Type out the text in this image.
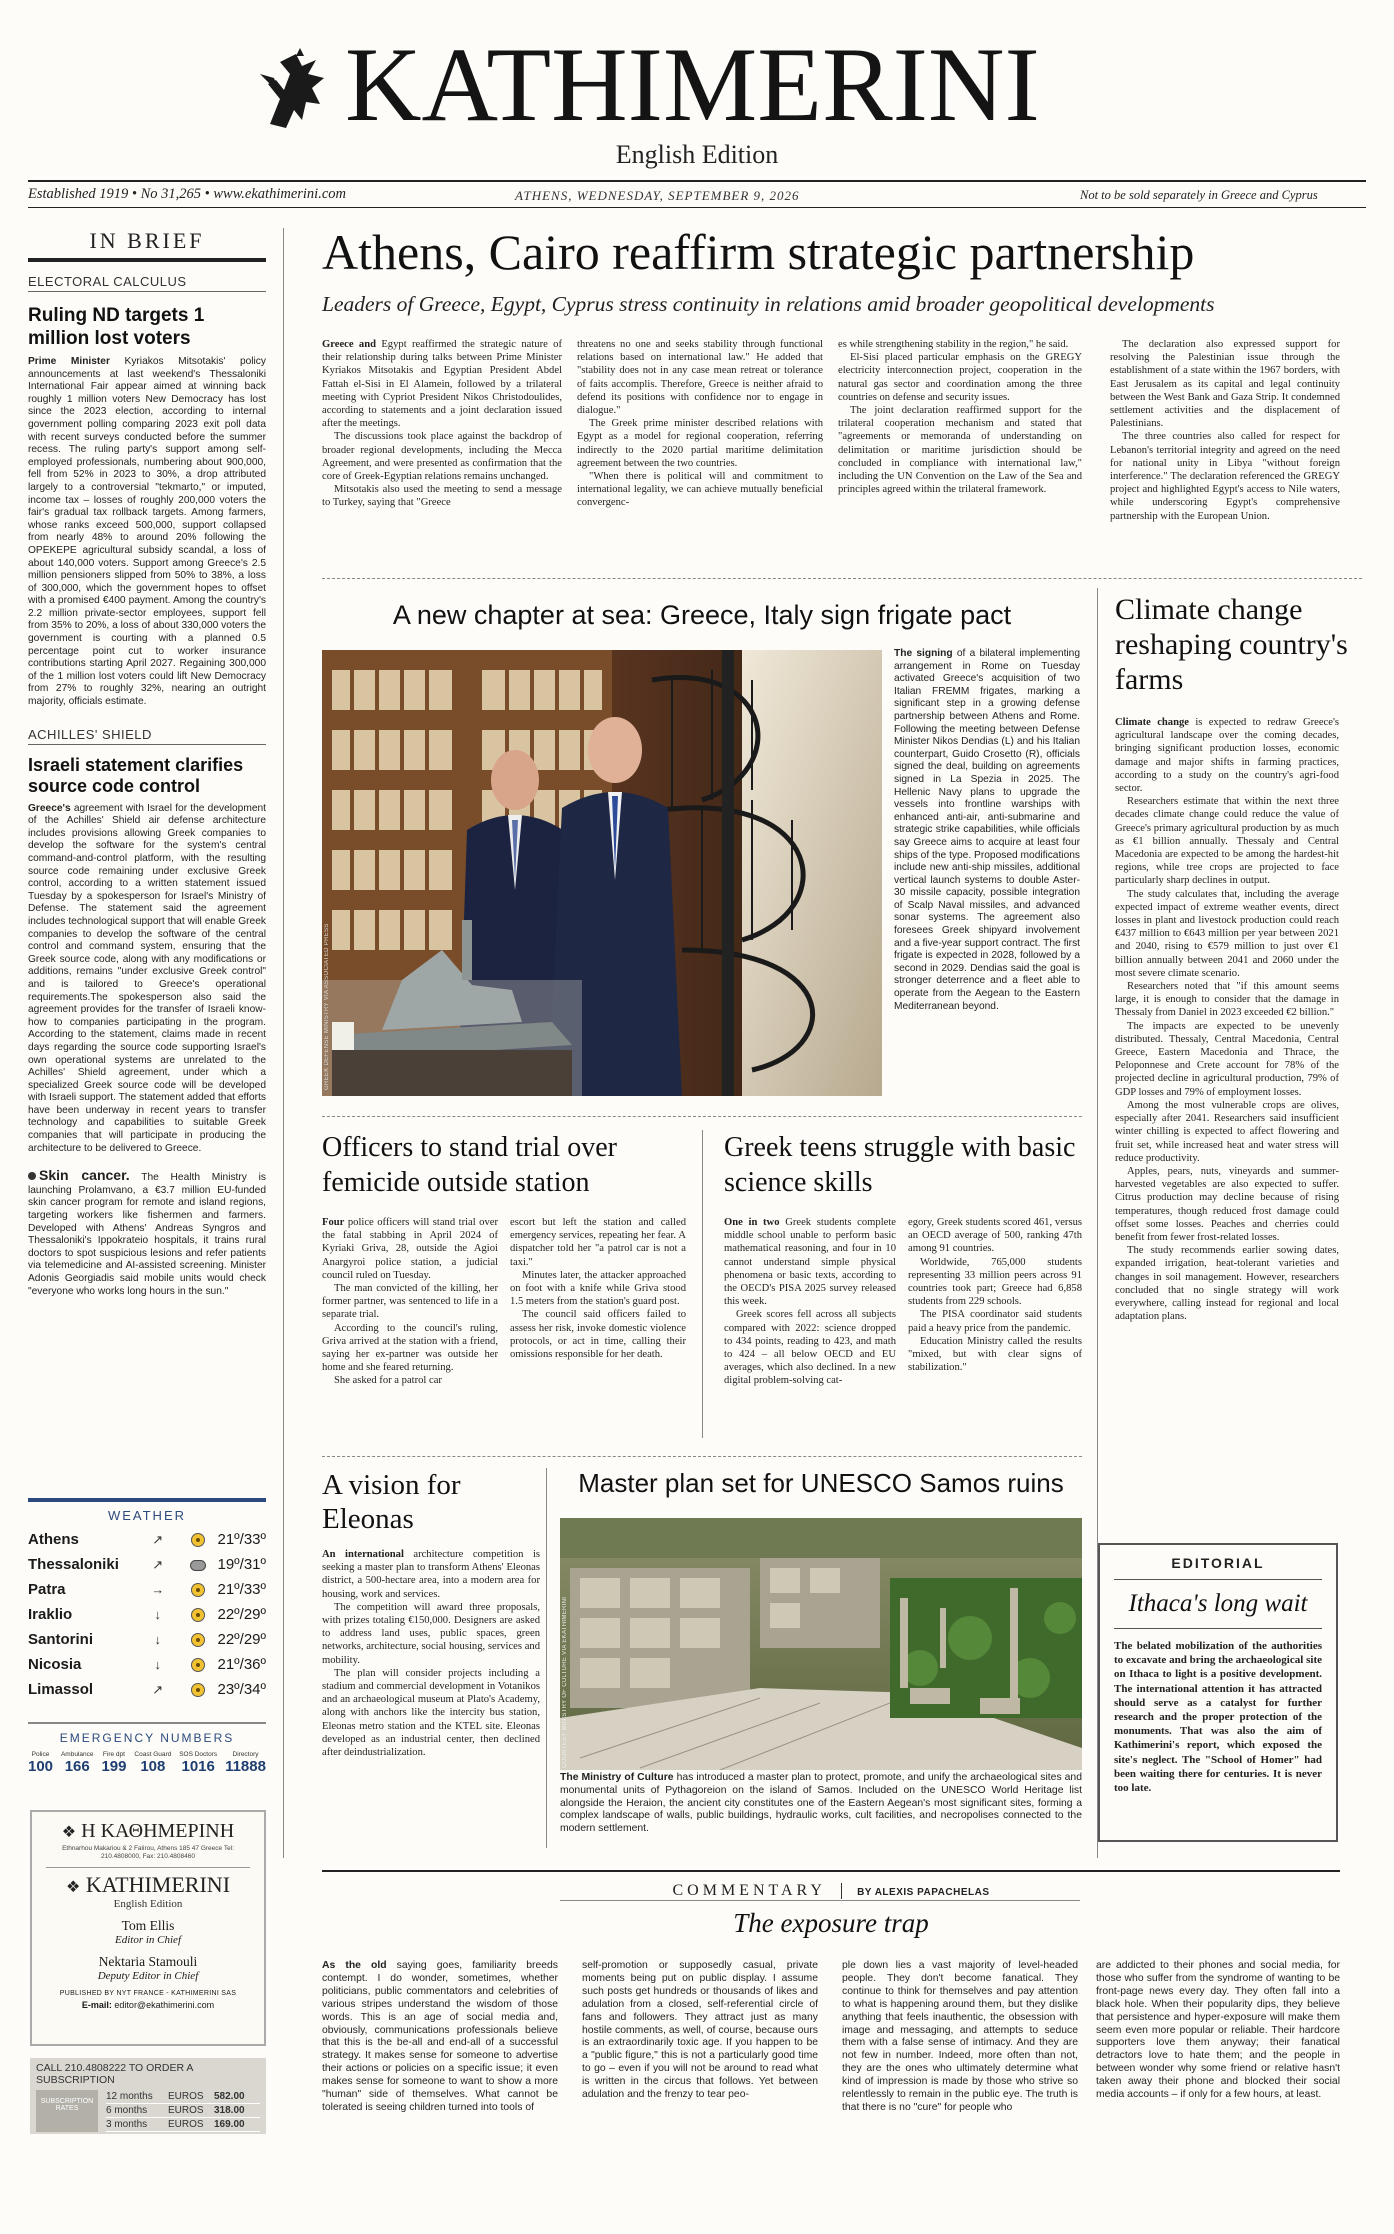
KATHIMERINI
English Edition
Established 1919 • No 31,265 • www.ekathimerini.com	ATHENS, WEDNESDAY, SEPTEMBER 9, 2026	Not to be sold separately in Greece and Cyprus
IN BRIEF
ELECTORAL CALCULUS
Ruling ND targets 1 million lost voters
Prime Minister Kyriakos Mitsotakis' policy announcements at last weekend's Thessaloniki International Fair appear aimed at winning back roughly 1 million voters New Democracy has lost since the 2023 election, according to internal government polling comparing 2023 exit poll data with recent surveys conducted before the summer recess. The ruling party's support among self-employed professionals, numbering about 900,000, fell from 52% in 2023 to 30%, a drop attributed largely to a controversial "tekmarto," or imputed, income tax – losses of roughly 200,000 voters the fair's gradual tax rollback targets. Among farmers, whose ranks exceed 500,000, support collapsed from nearly 48% to around 20% following the OPEKEPE agricultural subsidy scandal, a loss of about 140,000 voters. Support among Greece's 2.5 million pensioners slipped from 50% to 38%, a loss of 300,000, which the government hopes to offset with a promised €400 payment. Among the country's 2.2 million private-sector employees, support fell from 35% to 20%, a loss of about 330,000 voters the government is courting with a planned 0.5 percentage point cut to worker insurance contributions starting April 2027. Regaining 300,000 of the 1 million lost voters could lift New Democracy from 27% to roughly 32%, nearing an outright majority, officials estimate.
ACHILLES' SHIELD
Israeli statement clarifies source code control
Greece's agreement with Israel for the development of the Achilles' Shield air defense architecture includes provisions allowing Greek companies to develop the software for the system's central command-and-control platform, with the resulting source code remaining under exclusive Greek control, according to a written statement issued Tuesday by a spokesperson for Israel's Ministry of Defense. The statement said the agreement includes technological support that will enable Greek companies to develop the software of the central control and command system, ensuring that the Greek source code, along with any modifications or additions, remains "under exclusive Greek control" and is tailored to Greece's operational requirements.The spokesperson also said the agreement provides for the transfer of Israeli know-how to companies participating in the program. According to the statement, claims made in recent days regarding the source code supporting Israel's own operational systems are unrelated to the Achilles' Shield agreement, under which a specialized Greek source code will be developed with Israeli support. The statement added that efforts have been underway in recent years to transfer technology and capabilities to suitable Greek companies that will participate in producing the architecture to be delivered to Greece.
Skin cancer. The Health Ministry is launching Prolamvano, a €3.7 million EU-funded skin cancer program for remote and island regions, targeting workers like fishermen and farmers. Developed with Athens' Andreas Syngros and Thessaloniki's Ippokrateio hospitals, it trains rural doctors to spot suspicious lesions and refer patients via telemedicine and AI-assisted screening. Minister Adonis Georgiadis said mobile units would check "everyone who works long hours in the sun."
WEATHER
Athens	↗		21º/33º
Thessaloniki	↗		19º/31º
Patra	→		21º/33º
Iraklio	↓		22º/29º
Santorini	↓		22º/29º
Nicosia	↓		21º/36º
Limassol	↗		23º/34º
EMERGENCY NUMBERS
Police
100
Ambulance
166
Fire dpt
199
Coast Guard
108
SOS Doctors
1016
Directory
11888
❖ Η ΚΑΘΗΜΕΡΙΝΗ
Ethnarhou Makariou & 2 Falirou, Athens 185 47 Greece Tel: 210.4808000, Fax: 210.4808460
❖ KATHIMERINI
English Edition
Tom Ellis
Editor in Chief
Nektaria Stamouli
Deputy Editor in Chief
PUBLISHED BY NYT FRANCE - KATHIMERINI SAS
E-mail: editor@ekathimerini.com
CALL 210.4808222 TO ORDER A SUBSCRIPTION
SUBSCRIPTION RATES
12 months	EUROS	582.00
6 months	EUROS	318.00
3 months	EUROS	169.00
Athens, Cairo reaffirm strategic partnership
Leaders of Greece, Egypt, Cyprus stress continuity in relations amid broader geopolitical developments

Greece and Egypt reaffirmed the strategic nature of their relationship during talks between Prime Minister Kyriakos Mitsotakis and Egyptian President Abdel Fattah el-Sisi in El Alamein, followed by a trilateral meeting with Cypriot President Nikos Christodoulides, according to statements and a joint declaration issued after the meetings.

The discussions took place against the backdrop of broader regional developments, including the Mecca Agreement, and were presented as confirmation that the core of Greek-Egyptian relations remains unchanged.

Mitsotakis also used the meeting to send a message to Turkey, saying that "Greece

threatens no one and seeks stability through functional relations based on international law." He added that "stability does not in any case mean retreat or tolerance of faits accomplis. Therefore, Greece is neither afraid to defend its positions with confidence nor to engage in dialogue."

The Greek prime minister described relations with Egypt as a model for regional cooperation, referring indirectly to the 2020 partial maritime delimitation agreement between the two countries.

"When there is political will and commitment to international legality, we can achieve mutually beneficial convergenc-

es while strengthening stability in the region," he said.

El-Sisi placed particular emphasis on the GREGY electricity interconnection project, cooperation in the natural gas sector and coordination among the three countries on defense and security issues.

The joint declaration reaffirmed support for the trilateral cooperation mechanism and stated that "agreements or memoranda of understanding on delimitation or maritime jurisdiction should be concluded in compliance with international law," including the UN Convention on the Law of the Sea and principles agreed within the trilateral framework.

The declaration also expressed support for resolving the Palestinian issue through the establishment of a state within the 1967 borders, with East Jerusalem as its capital and legal continuity between the West Bank and Gaza Strip. It condemned settlement activities and the displacement of Palestinians.

The three countries also called for respect for Lebanon's territorial integrity and agreed on the need for national unity in Libya "without foreign interference." The declaration referenced the GREGY project and highlighted Egypt's access to Nile waters, while underscoring Egypt's comprehensive partnership with the European Union.

A new chapter at sea: Greece, Italy sign frigate pact
GREEK DEFENSE MINISTRY VIA ASSOCIATED PRESS
The signing of a bilateral implementing arrangement in Rome on Tuesday activated Greece's acquisition of two Italian FREMM frigates, marking a significant step in a growing defense partnership between Athens and Rome. Following the meeting between Defense Minister Nikos Dendias (L) and his Italian counterpart, Guido Crosetto (R), officials signed the deal, building on agreements signed in La Spezia in 2025. The Hellenic Navy plans to upgrade the vessels into frontline warships with enhanced anti-air, anti-submarine and strategic strike capabilities, while officials say Greece aims to acquire at least four ships of the type. Proposed modifications include new anti-ship missiles, additional vertical launch systems to double Aster-30 missile capacity, possible integration of Scalp Naval missiles, and advanced sonar systems. The agreement also foresees Greek shipyard involvement and a five-year support contract. The first frigate is expected in 2028, followed by a second in 2029. Dendias said the goal is stronger deterrence and a fleet able to operate from the Aegean to the Eastern Mediterranean beyond.
Climate change reshaping country's farms

Climate change is expected to redraw Greece's agricultural landscape over the coming decades, bringing significant production losses, economic damage and major shifts in farming practices, according to a study on the country's agri-food sector.

Researchers estimate that within the next three decades climate change could reduce the value of Greece's primary agricultural production by as much as €1 billion annually. Thessaly and Central Macedonia are expected to be among the hardest-hit regions, while tree crops are projected to face particularly sharp declines in output.

The study calculates that, including the average expected impact of extreme weather events, direct losses in plant and livestock production could reach €437 million to €643 million per year between 2021 and 2040, rising to €579 million to just over €1 billion annually between 2041 and 2060 under the most severe climate scenario.

Researchers noted that "if this amount seems large, it is enough to consider that the damage in Thessaly from Daniel in 2023 exceeded €2 billion."

The impacts are expected to be unevenly distributed. Thessaly, Central Macedonia, Central Greece, Eastern Macedonia and Thrace, the Peloponnese and Crete account for 78% of the projected decline in agricultural production, 79% of GDP losses and 79% of employment losses.

Among the most vulnerable crops are olives, especially after 2041. Researchers said insufficient winter chilling is expected to affect flowering and fruit set, while increased heat and water stress will reduce productivity.

Apples, pears, nuts, vineyards and summer-harvested vegetables are also expected to suffer. Citrus production may decline because of rising temperatures, though reduced frost damage could offset some losses. Peaches and cherries could benefit from fewer frost-related losses.

The study recommends earlier sowing dates, expanded irrigation, heat-tolerant varieties and changes in soil management. However, researchers concluded that no single strategy will work everywhere, calling instead for regional and local adaptation plans.

EDITORIAL
Ithaca's long wait
The belated mobilization of the authorities to excavate and bring the archaeological site on Ithaca to light is a positive development. The international attention it has attracted should serve as a catalyst for further research and the proper protection of the monuments. That was also the aim of Kathimerini's report, which exposed the site's neglect. The "School of Homer" had been waiting there for centuries. It is never too late.
Officers to stand trial over femicide outside station

Four police officers will stand trial over the fatal stabbing in April 2024 of Kyriaki Griva, 28, outside the Agioi Anargyroi police station, a judicial council ruled on Tuesday.

The man convicted of the killing, her former partner, was sentenced to life in a separate trial.

According to the council's ruling, Griva arrived at the station with a friend, saying her ex-partner was outside her home and she feared returning.

She asked for a patrol car

escort but left the station and called emergency services, repeating her fear. A dispatcher told her "a patrol car is not a taxi."

Minutes later, the attacker approached on foot with a knife while Griva stood 1.5 meters from the station's guard post.

The council said officers failed to assess her risk, invoke domestic violence protocols, or act in time, calling their omissions responsible for her death.

Greek teens struggle with basic science skills

One in two Greek students complete middle school unable to perform basic mathematical reasoning, and four in 10 cannot understand simple physical phenomena or basic texts, according to the OECD's PISA 2025 survey released this week.

Greek scores fell across all subjects compared with 2022: science dropped to 434 points, reading to 423, and math to 424 – all below OECD and EU averages, which also declined. In a new digital problem-solving cat-

egory, Greek students scored 461, versus an OECD average of 500, ranking 47th among 91 countries.

Worldwide, 765,000 students representing 33 million peers across 91 countries took part; Greece had 6,858 students from 229 schools.

The PISA coordinator said students paid a heavy price from the pandemic.

Education Ministry called the results "mixed, but with clear signs of stabilization."

A vision for Eleonas

An international architecture competition is seeking a master plan to transform Athens' Eleonas district, a 500-hectare area, into a modern area for housing, work and services.

The competition will award three proposals, with prizes totaling €150,000. Designers are asked to address land uses, public spaces, green networks, architecture, social housing, services and mobility.

The plan will consider projects including a stadium and commercial development in Votanikos and an archaeological museum at Plato's Academy, along with anchors like the intercity bus station, Eleonas metro station and the KTEL site. Eleonas developed as an industrial center, then declined after deindustrialization.

Master plan set for UNESCO Samos ruins
COURTESY MINISTRY OF CULTURE VIA EKATHIMERINI
The Ministry of Culture has introduced a master plan to protect, promote, and unify the archaeological sites and monumental units of Pythagoreion on the island of Samos. Included on the UNESCO World Heritage list alongside the Heraion, the ancient city constitutes one of the Eastern Aegean's most significant sites, forming a complex landscape of walls, public buildings, hydraulic works, cult facilities, and necropolises connected to the modern settlement.
COMMENTARY	BY ALEXIS PAPACHELAS
The exposure trap
As the old saying goes, familiarity breeds contempt. I do wonder, sometimes, whether politicians, public commentators and celebrities of various stripes understand the wisdom of those words. This is an age of social media and, obviously, communications professionals believe that this is the be-all and end-all of a successful strategy. It makes sense for someone to advertise their actions or policies on a specific issue; it even makes sense for someone to want to show a more "human" side of themselves. What cannot be tolerated is seeing children turned into tools of
self-promotion or supposedly casual, private moments being put on public display. I assume such posts get hundreds or thousands of likes and adulation from a closed, self-referential circle of fans and followers. They attract just as many hostile comments, as well, of course, because ours is an extraordinarily toxic age. If you happen to be a "public figure," this is not a particularly good time to go – even if you will not be around to read what is written in the circus that follows. Yet between adulation and the frenzy to tear peo-
ple down lies a vast majority of level-headed people. They don't become fanatical. They continue to think for themselves and pay attention to what is happening around them, but they dislike anything that feels inauthentic, the obsession with image and messaging, and attempts to seduce them with a false sense of intimacy. And they are not few in number. Indeed, more often than not, they are the ones who ultimately determine what kind of impression is made by those who strive so relentlessly to remain in the public eye. The truth is that there is no "cure" for people who
are addicted to their phones and social media, for those who suffer from the syndrome of wanting to be front-page news every day. They often fall into a black hole. When their popularity dips, they believe that persistence and hyper-exposure will make them seem even more popular or reliable. Their hardcore supporters love them anyway; their fanatical detractors love to hate them; and the people in between wonder why some friend or relative hasn't taken away their phone and blocked their social media accounts – if only for a few hours, at least.
